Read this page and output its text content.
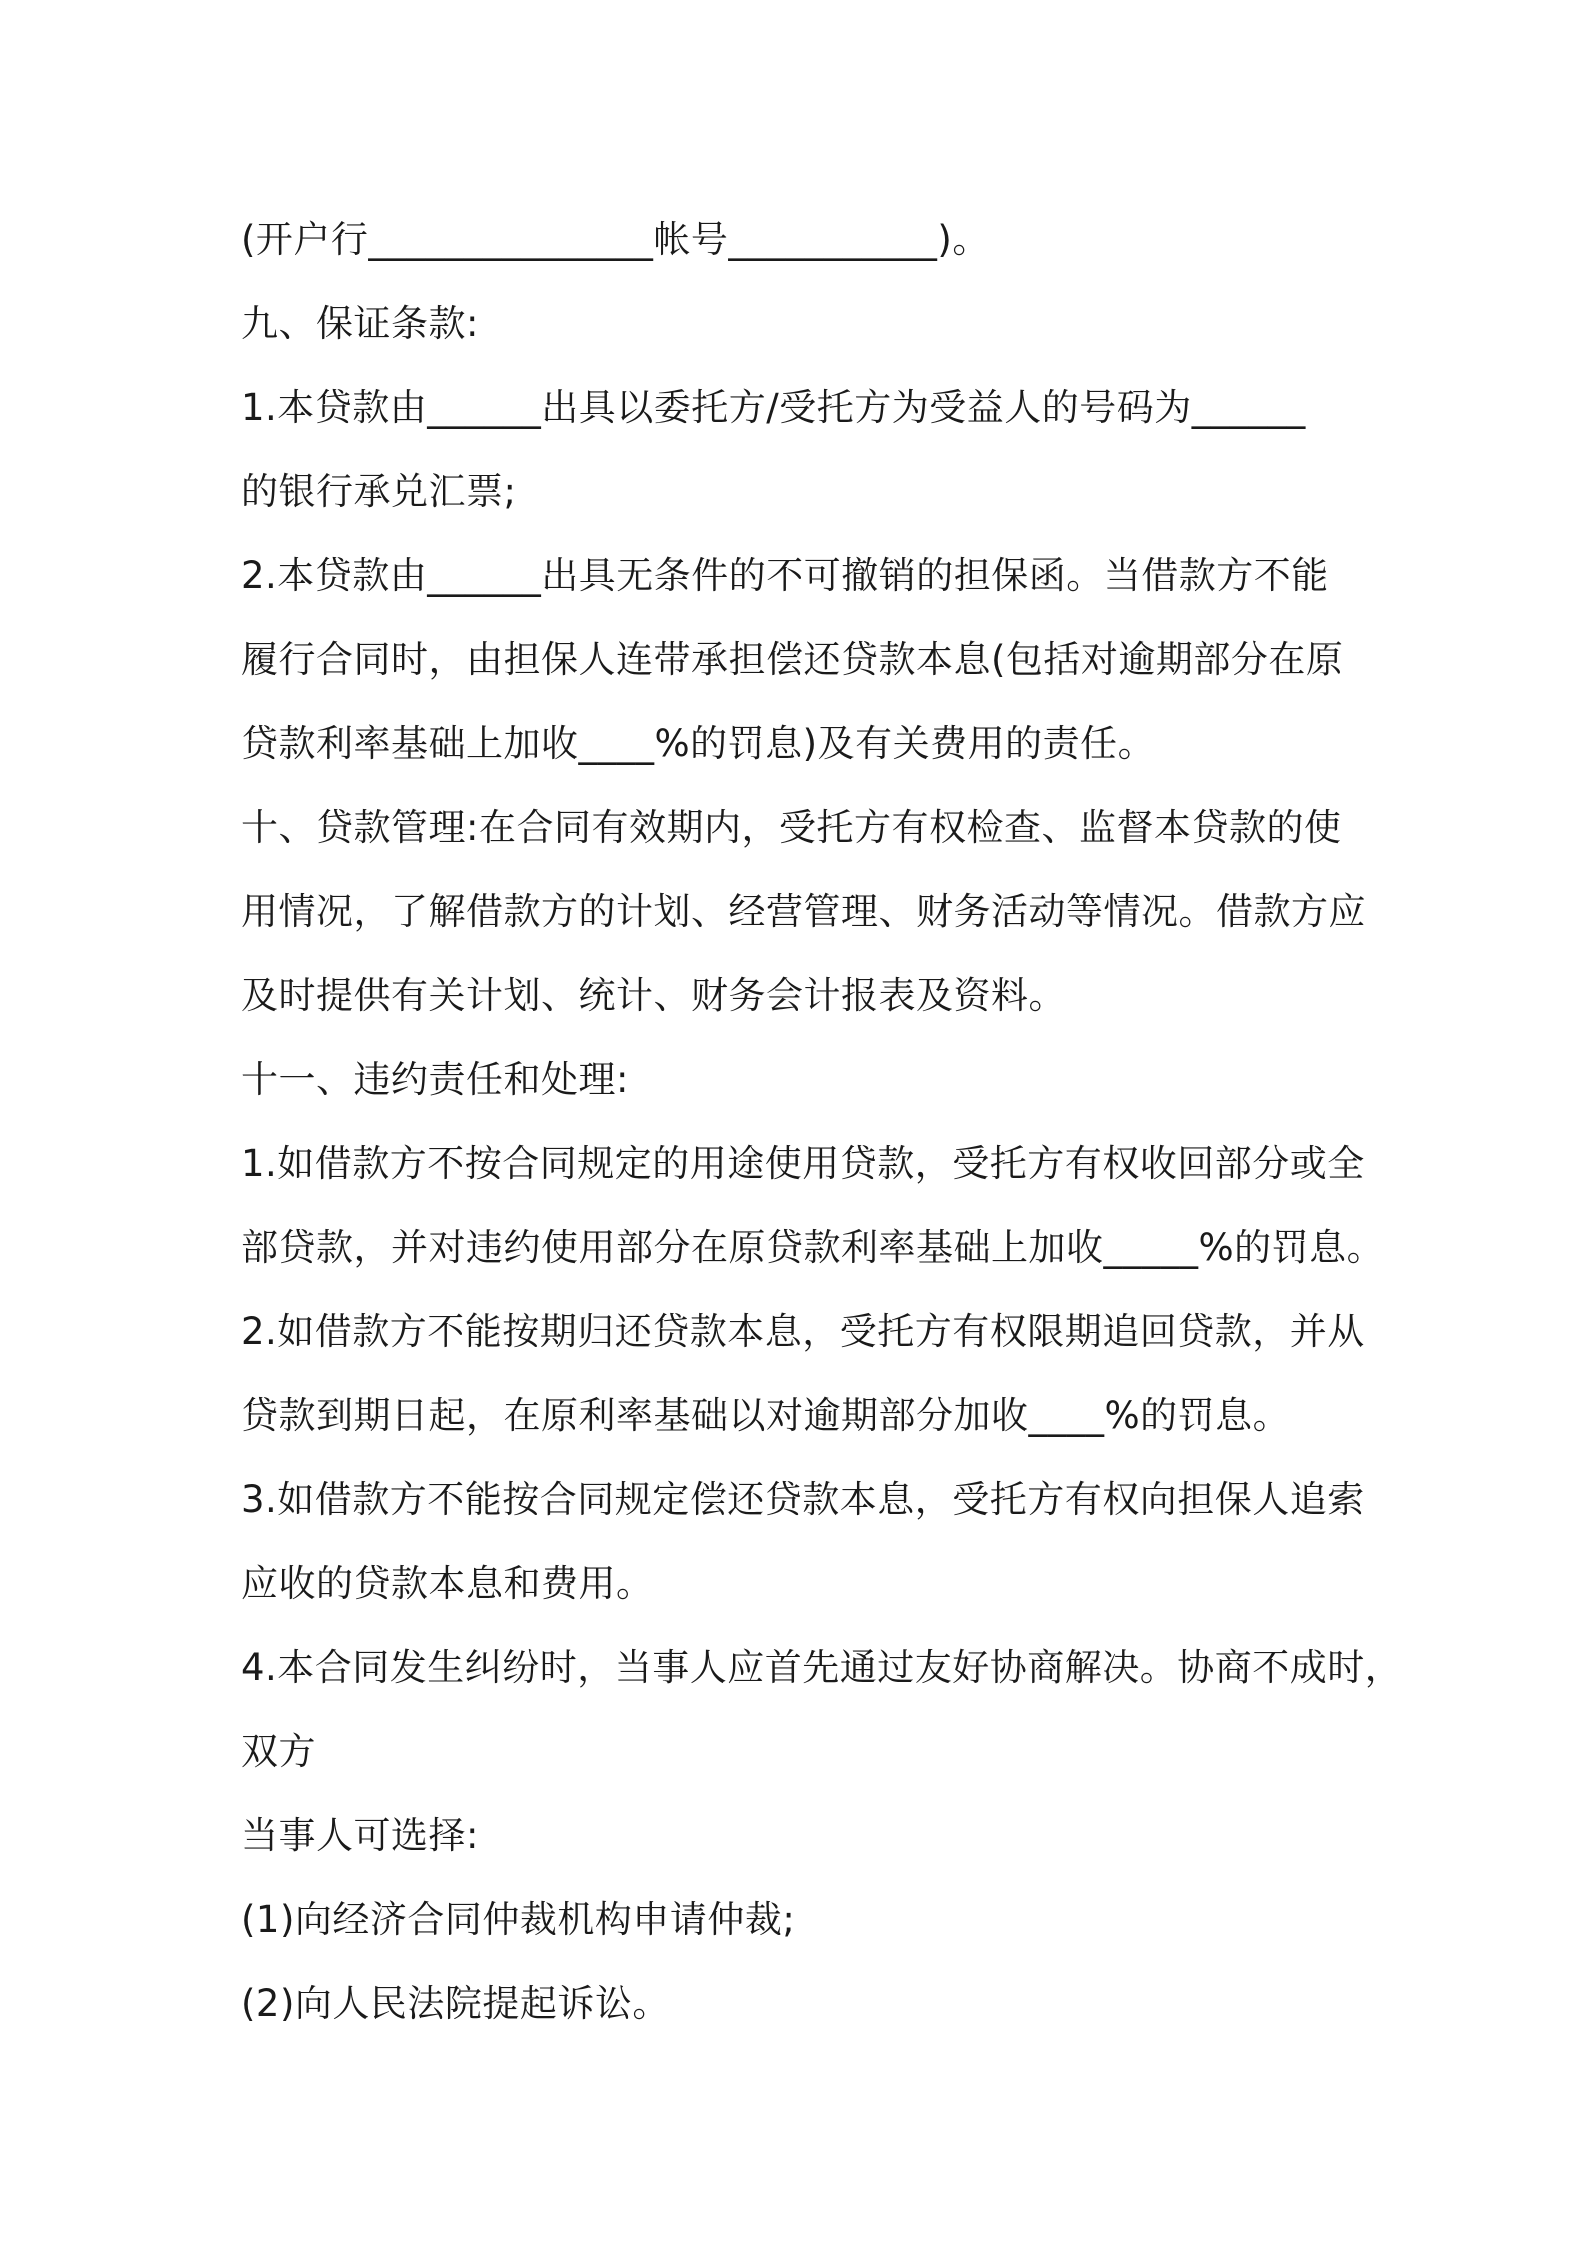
(开户行_______________帐号___________)。
九、保证条款:
1.本贷款由______出具以委托方/受托方为受益人的号码为______
的银行承兑汇票;
2.本贷款由______出具无条件的不可撤销的担保函。当借款方不能
履行合同时，由担保人连带承担偿还贷款本息(包括对逾期部分在原
贷款利率基础上加收____%的罚息)及有关费用的责任。
十、贷款管理:在合同有效期内，受托方有权检查、监督本贷款的使
用情况，了解借款方的计划、经营管理、财务活动等情况。借款方应
及时提供有关计划、统计、财务会计报表及资料。
十一、违约责任和处理:
1.如借款方不按合同规定的用途使用贷款，受托方有权收回部分或全
部贷款，并对违约使用部分在原贷款利率基础上加收_____%的罚息。
2.如借款方不能按期归还贷款本息，受托方有权限期追回贷款，并从
贷款到期日起，在原利率基础以对逾期部分加收____%的罚息。
3.如借款方不能按合同规定偿还贷款本息，受托方有权向担保人追索
应收的贷款本息和费用。
4.本合同发生纠纷时，当事人应首先通过友好协商解决。协商不成时，
双方
当事人可选择:
(1)向经济合同仲裁机构申请仲裁;
(2)向人民法院提起诉讼。
